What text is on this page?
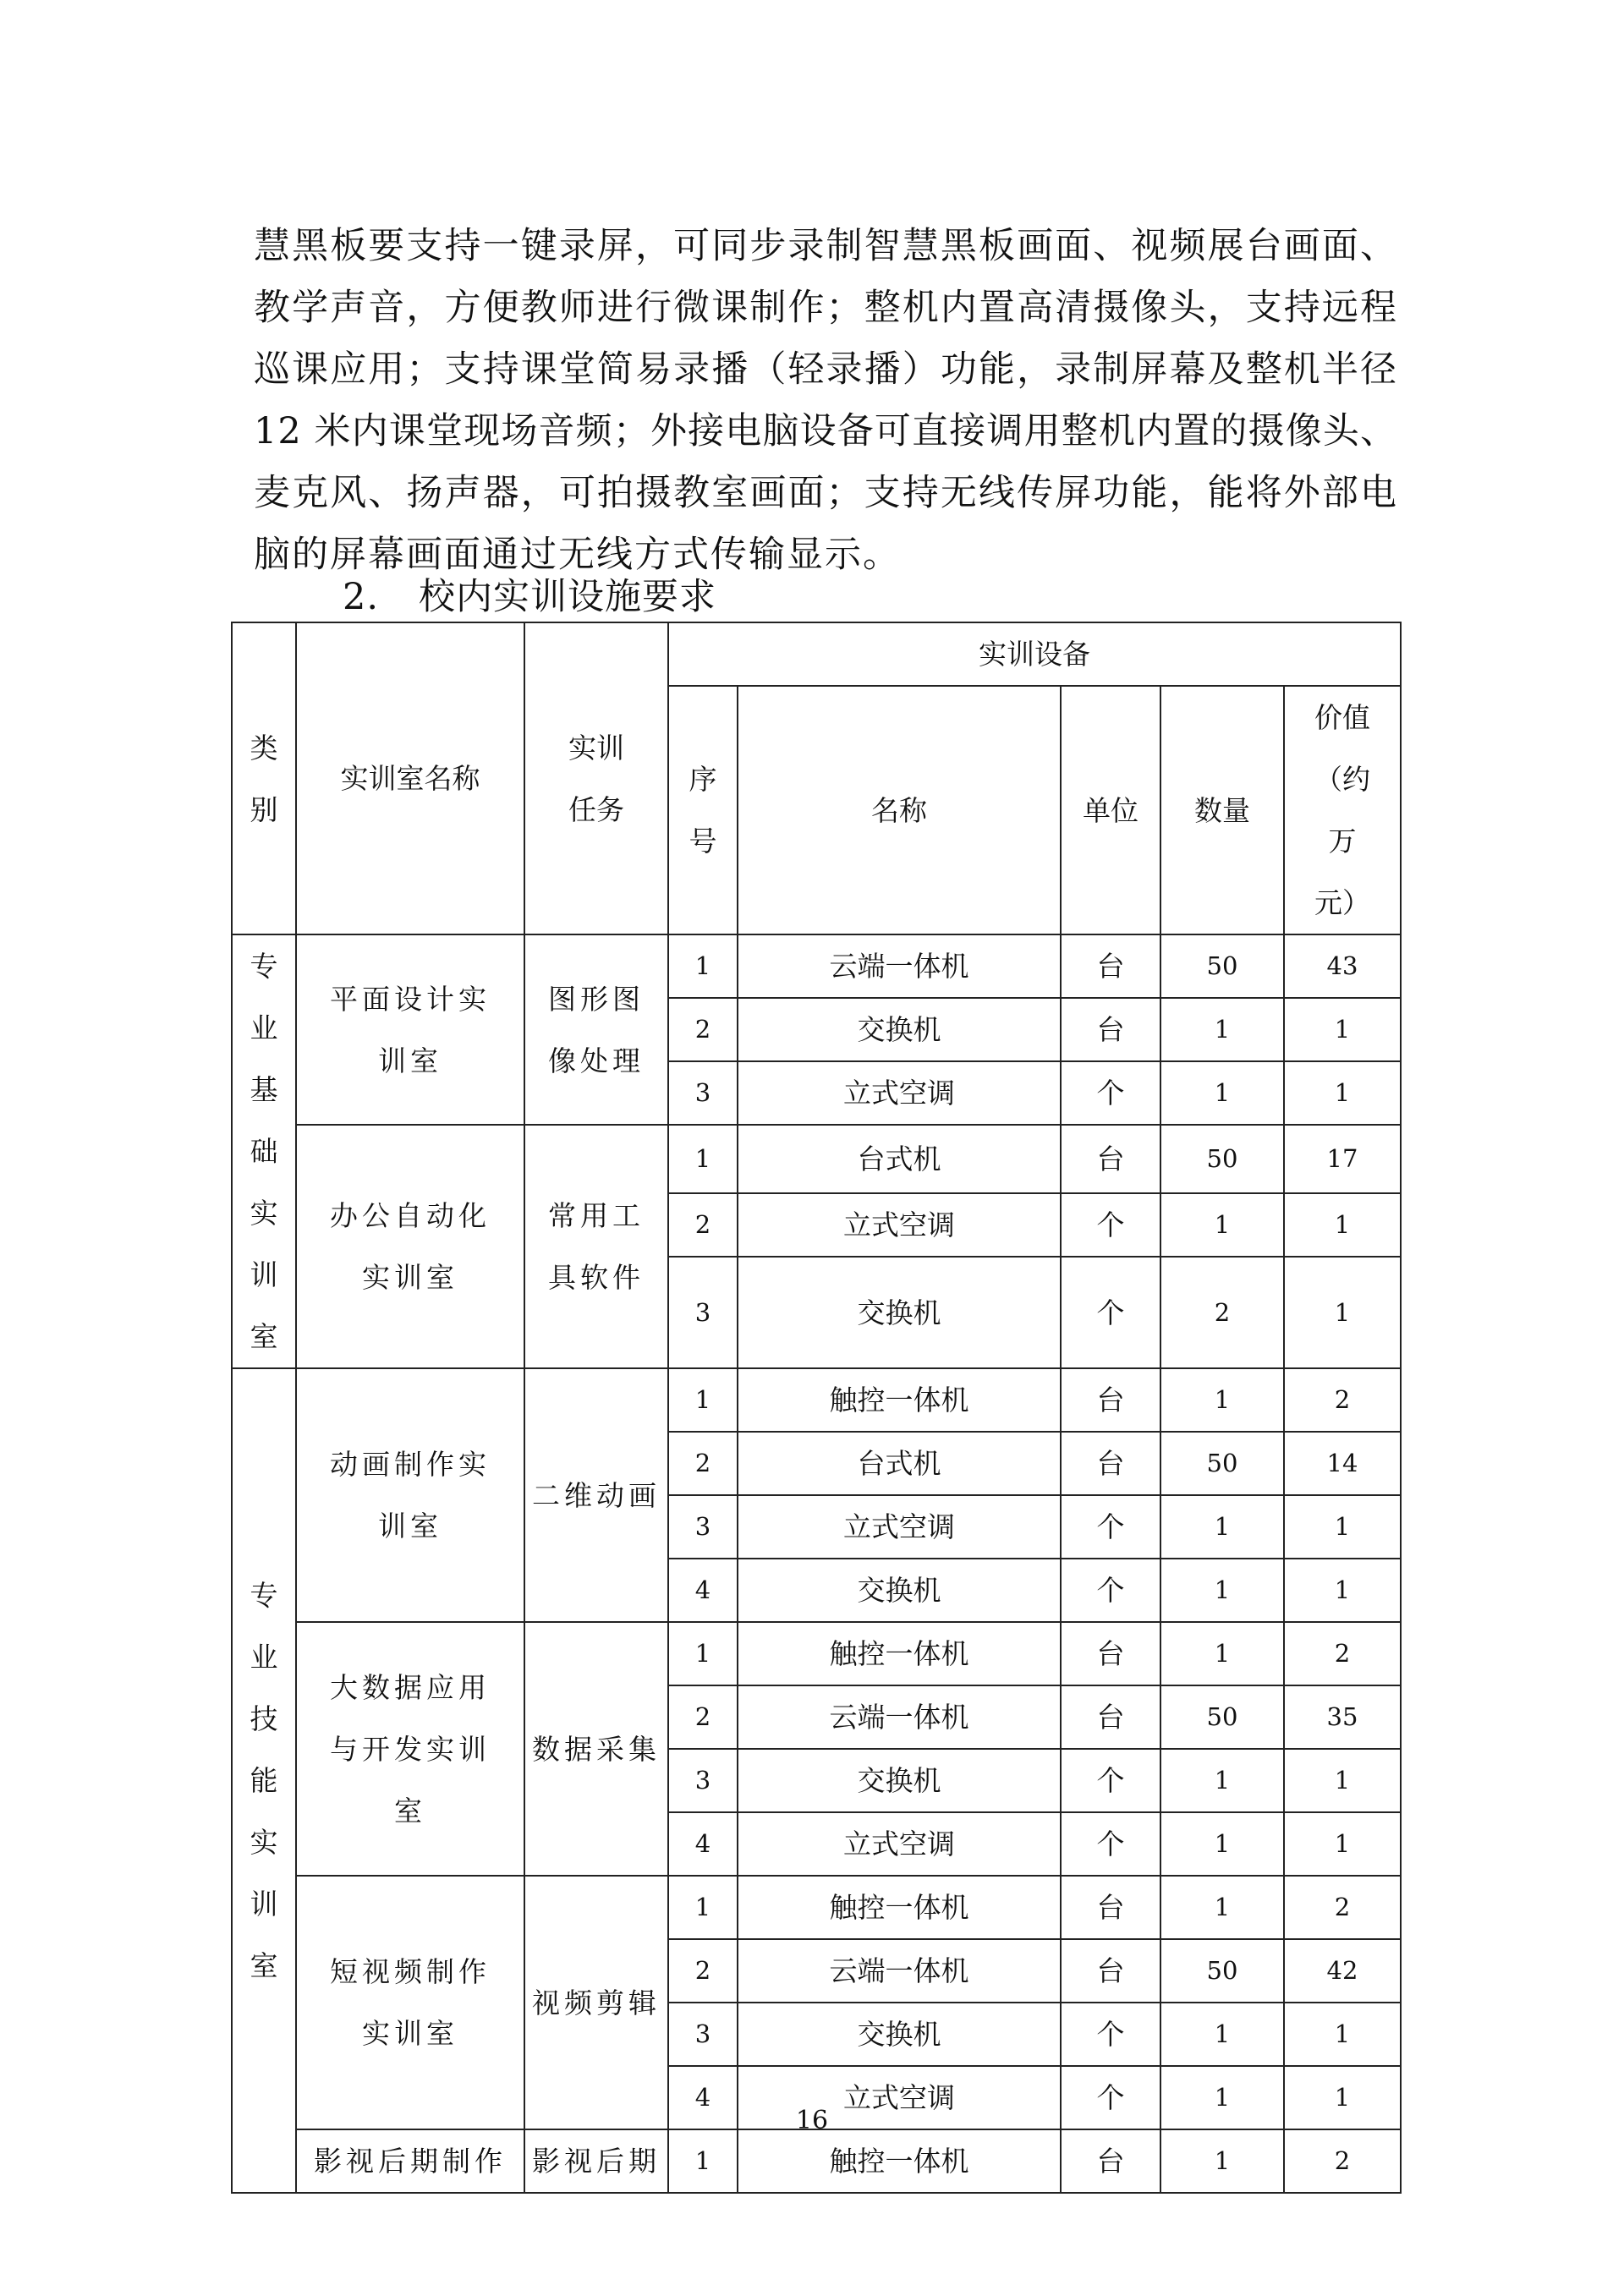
慧黑板要支持一键录屏，可同步录制智慧黑板画面、视频展台画面、
教学声音，方便教师进行微课制作；整机内置高清摄像头，支持远程
巡课应用；支持课堂简易录播（轻录播）功能，录制屏幕及整机半径
12 米内课堂现场音频；外接电脑设备可直接调用整机内置的摄像头、
麦克风、扬声器，可拍摄教室画面；支持无线传屏功能，能将外部电
脑的屏幕画面通过无线方式传输显示。
2. 校内实训设施要求
类别	实训室名称	实训任务	实训设备				
			序号	名称	单位	数量	价值（约万元）
专业基础实训室	平面设计实训室	图形图像处理	1	云端一体机	台	50	43
			2	交换机	台	1	1
			3	立式空调	个	1	1
	办公自动化实训室	常用工具软件	1	台式机	台	50	17
			2	立式空调	个	1	1
			3	交换机	个	2	1
专业技能实训室	动画制作实训室	二维动画	1	触控一体机	台	1	2
			2	台式机	台	50	14
			3	立式空调	个	1	1
			4	交换机	个	1	1
	大数据应用与开发实训室	数据采集	1	触控一体机	台	1	2
			2	云端一体机	台	50	35
			3	交换机	个	1	1
			4	立式空调	个	1	1
	短视频制作实训室	视频剪辑	1	触控一体机	台	1	2
			2	云端一体机	台	50	42
			3	交换机	个	1	1
			4	立式空调	个	1	1
	影视后期制作	影视后期	1	触控一体机	台	1	2
16
